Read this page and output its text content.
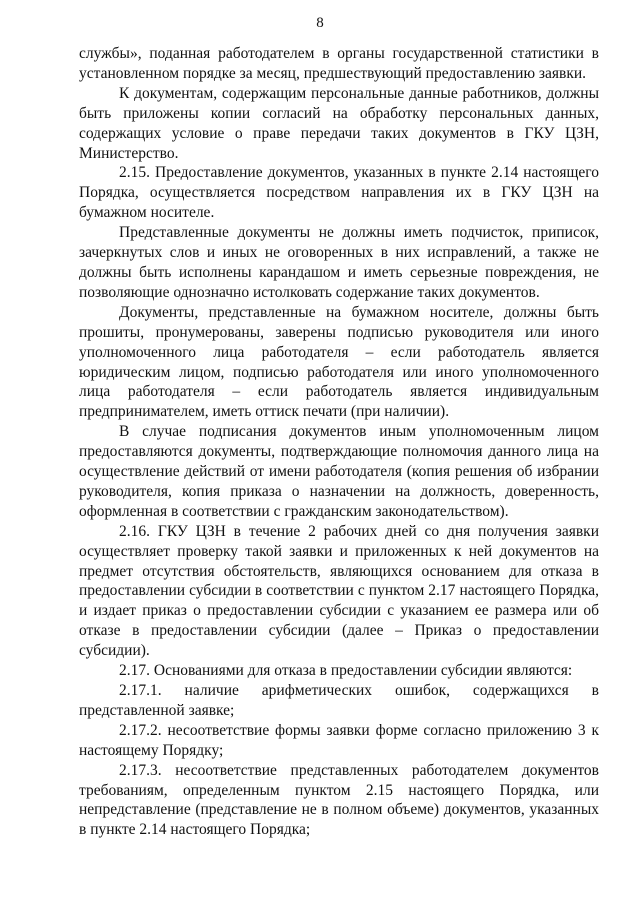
8

службы», поданная работодателем в органы государственной статистики в установленном порядке за месяц, предшествующий предоставлению заявки.

К документам, содержащим персональные данные работников, должны быть приложены копии согласий на обработку персональных данных, содержащих условие о праве передачи таких документов в ГКУ ЦЗН, Министерство.

2.15. Предоставление документов, указанных в пункте 2.14 настоящего Порядка, осуществляется посредством направления их в ГКУ ЦЗН на бумажном носителе.

Представленные документы не должны иметь подчисток, приписок, зачеркнутых слов и иных не оговоренных в них исправлений, а также не должны быть исполнены карандашом и иметь серьезные повреждения, не позволяющие однозначно истолковать содержание таких документов.

Документы, представленные на бумажном носителе, должны быть прошиты, пронумерованы, заверены подписью руководителя или иного уполномоченного лица работодателя – если работодатель является юридическим лицом, подписью работодателя или иного уполномоченного лица работодателя – если работодатель является индивидуальным предпринимателем, иметь оттиск печати (при наличии).

В случае подписания документов иным уполномоченным лицом предоставляются документы, подтверждающие полномочия данного лица на осуществление действий от имени работодателя (копия решения об избрании руководителя, копия приказа о назначении на должность, доверенность, оформленная в соответствии с гражданским законодательством).

2.16. ГКУ ЦЗН в течение 2 рабочих дней со дня получения заявки осуществляет проверку такой заявки и приложенных к ней документов на предмет отсутствия обстоятельств, являющихся основанием для отказа в предоставлении субсидии в соответствии с пунктом 2.17 настоящего Порядка, и издает приказ о предоставлении субсидии с указанием ее размера или об отказе в предоставлении субсидии (далее – Приказ о предоставлении субсидии).

2.17. Основаниями для отказа в предоставлении субсидии являются:

2.17.1. наличие арифметических ошибок, содержащихся в представленной заявке;

2.17.2. несоответствие формы заявки форме согласно приложению 3 к настоящему Порядку;

2.17.3. несоответствие представленных работодателем документов требованиям, определенным пунктом 2.15 настоящего Порядка, или непредставление (представление не в полном объеме) документов, указанных в пункте 2.14 настоящего Порядка;
